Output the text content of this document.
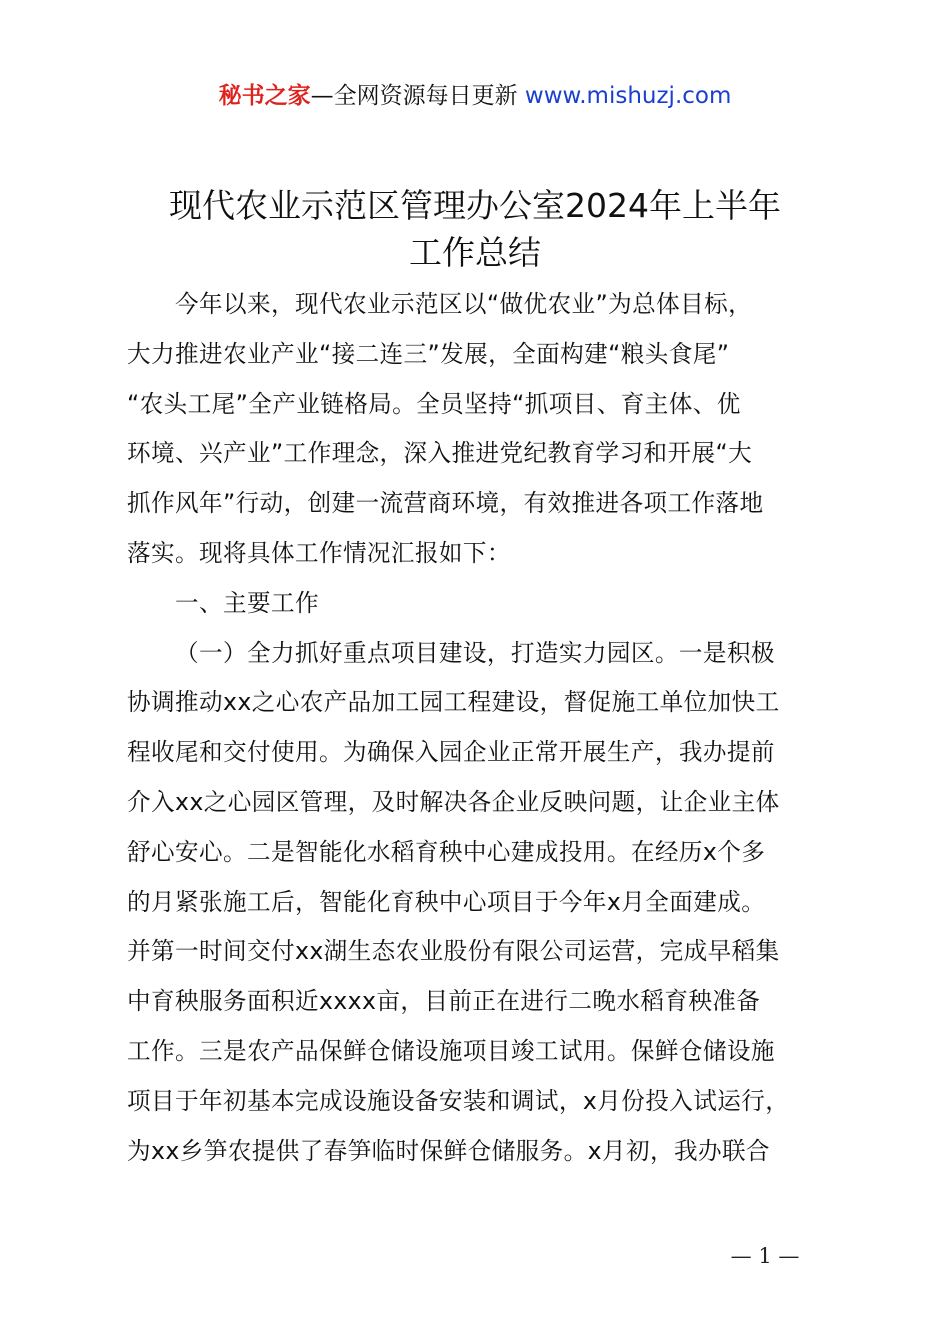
秘书之家—全网资源每日更新 www.mishuzj.com
现代农业示范区管理办公室2024年上半年
工作总结

今年以来，现代农业示范区以“做优农业”为总体目标，
大力推进农业产业“接二连三”发展，全面构建“粮头食尾”
“农头工尾”全产业链格局。全员坚持“抓项目、育主体、优
环境、兴产业”工作理念，深入推进党纪教育学习和开展“大
抓作风年”行动，创建一流营商环境，有效推进各项工作落地
落实。现将具体工作情况汇报如下：

一、主要工作

（一）全力抓好重点项目建设，打造实力园区。一是积极
协调推动xx之心农产品加工园工程建设，督促施工单位加快工
程收尾和交付使用。为确保入园企业正常开展生产，我办提前
介入xx之心园区管理，及时解决各企业反映问题，让企业主体
舒心安心。二是智能化水稻育秧中心建成投用。在经历x个多
的月紧张施工后，智能化育秧中心项目于今年x月全面建成。
并第一时间交付xx湖生态农业股份有限公司运营，完成早稻集
中育秧服务面积近xxxx亩，目前正在进行二晚水稻育秧准备
工作。三是农产品保鲜仓储设施项目竣工试用。保鲜仓储设施
项目于年初基本完成设施设备安装和调试，x月份投入试运行，
为xx乡笋农提供了春笋临时保鲜仓储服务。x月初，我办联合

— 1 —
